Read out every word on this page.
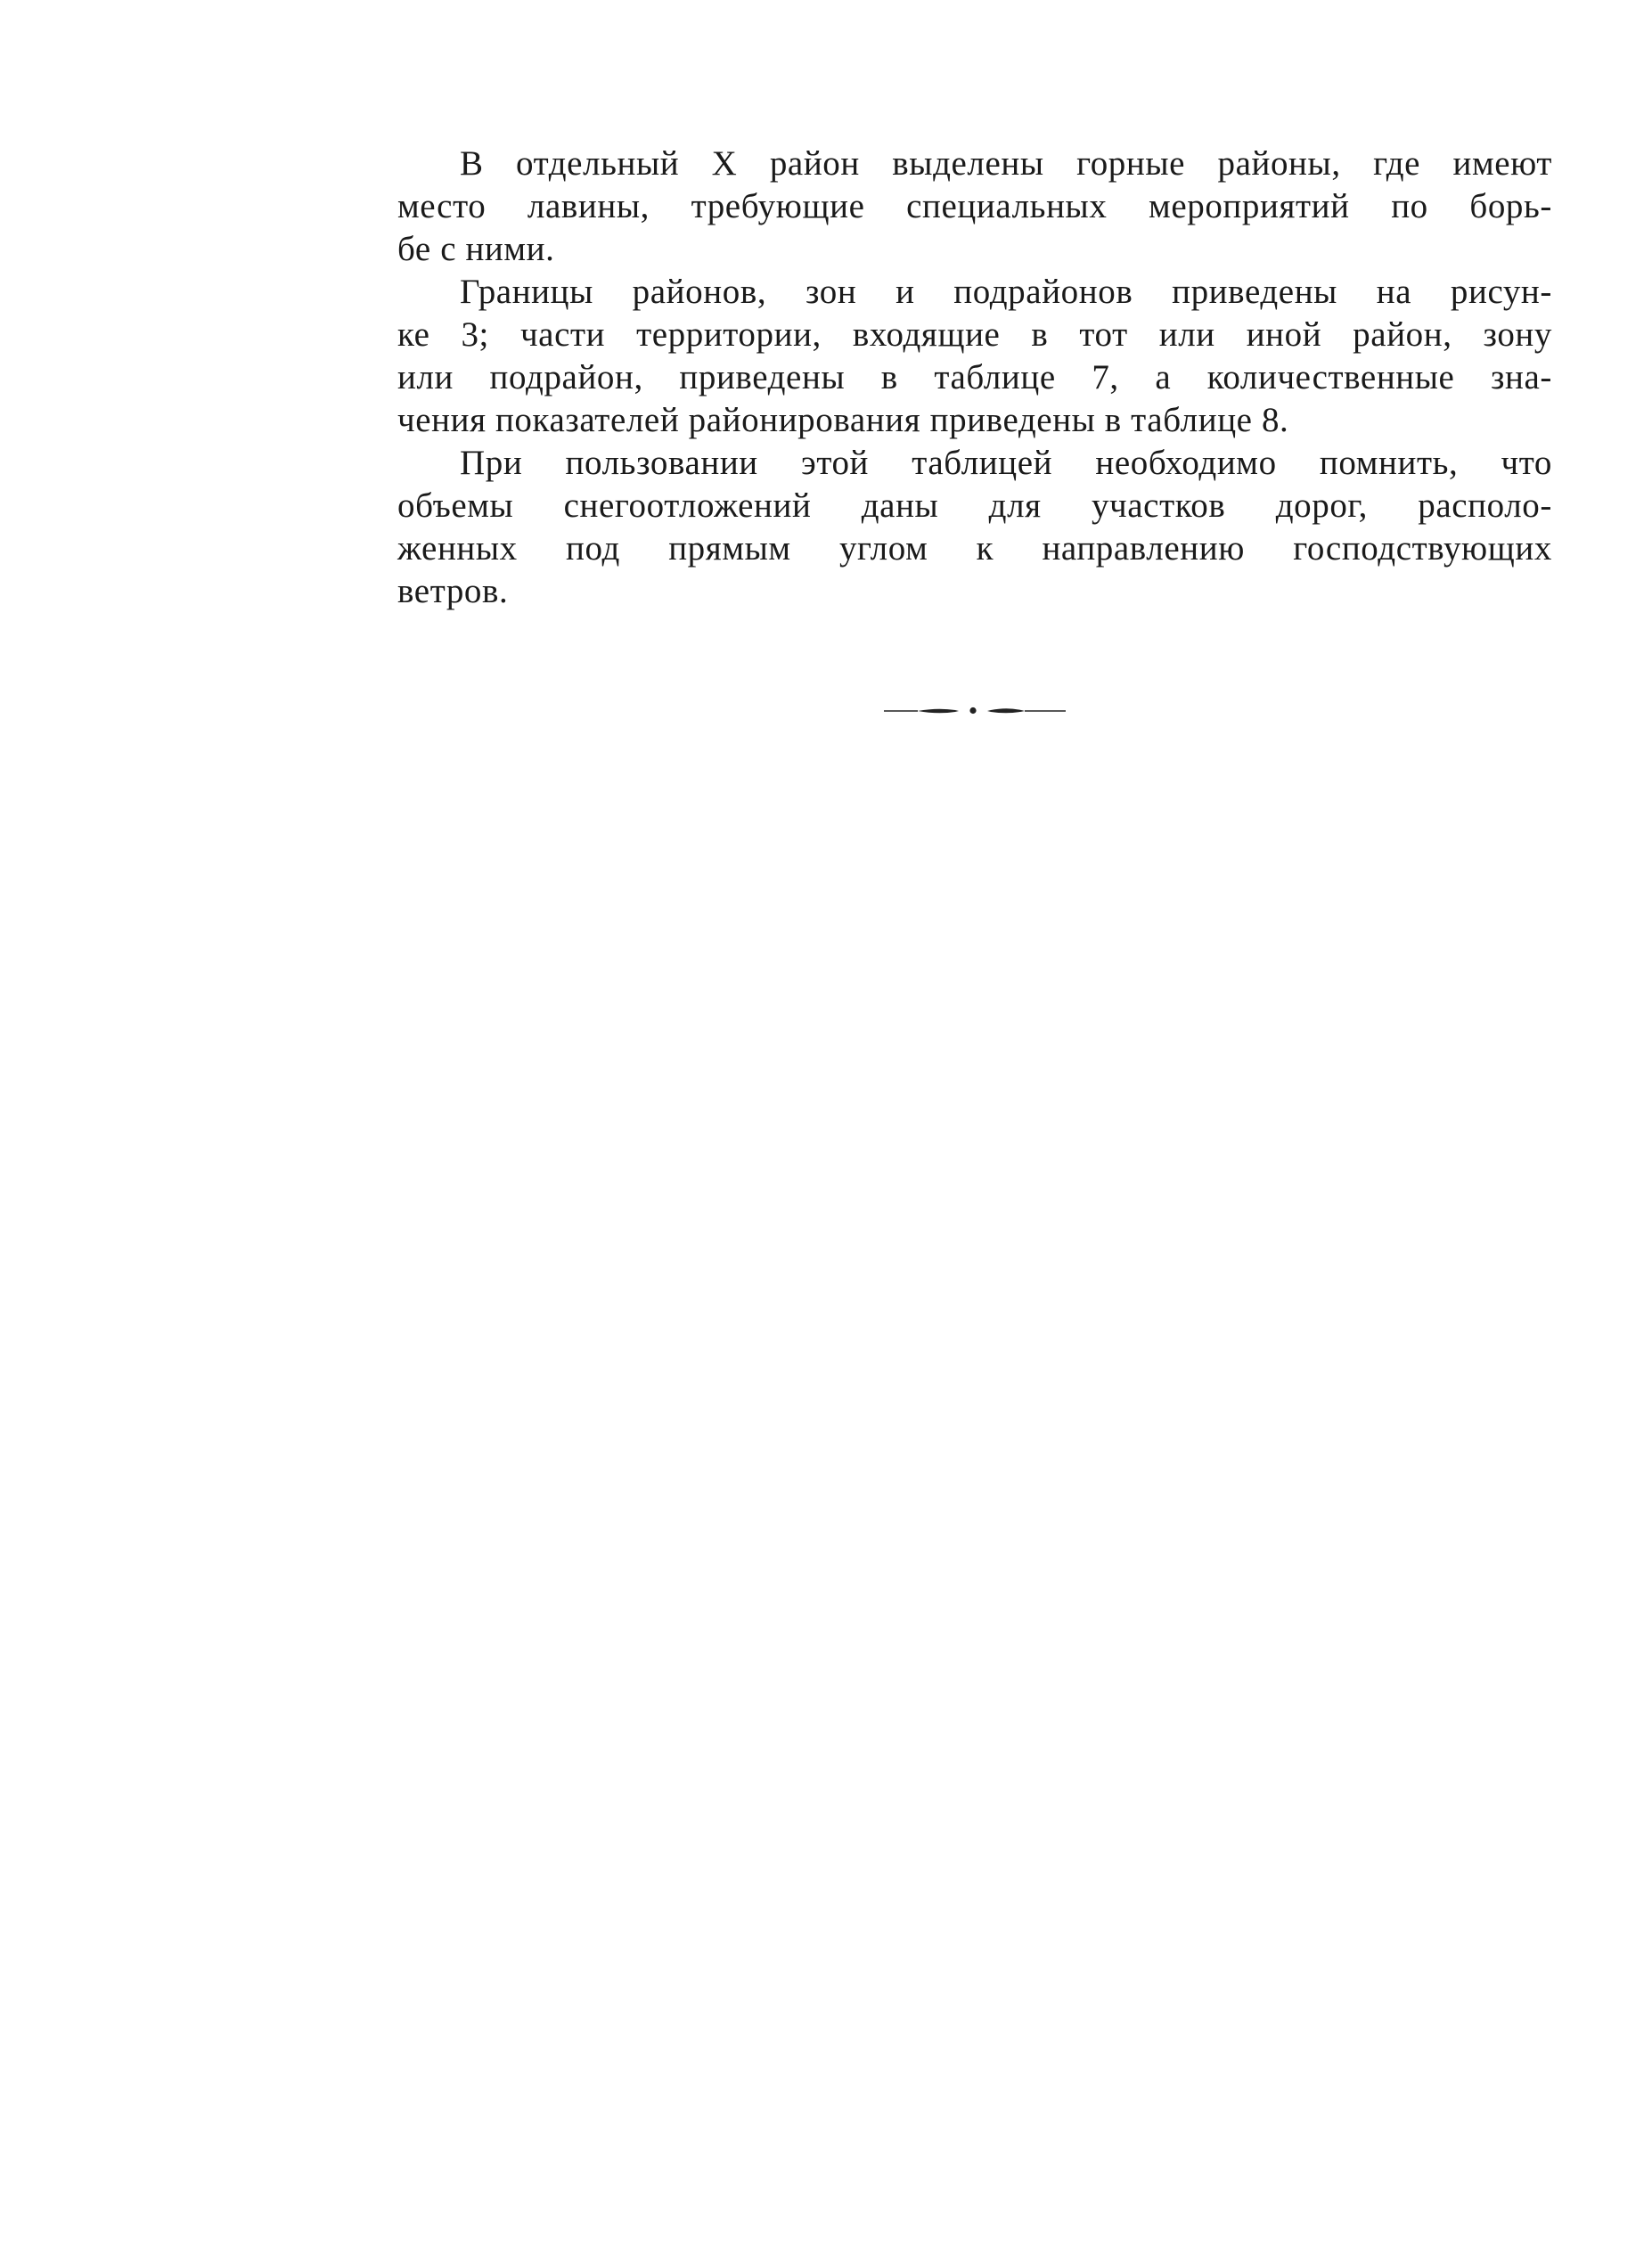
В отдельный X район выделены горные районы, где имеют
место лавины, требующие специальных мероприятий по борь-
бе с ними.
Границы районов, зон и подрайонов приведены на рисун-
ке 3; части территории, входящие в тот или иной район, зону
или подрайон, приведены в таблице 7, а количественные зна-
чения показателей районирования приведены в таблице 8.
При пользовании этой таблицей необходимо помнить, что
объемы снегоотложений даны для участков дорог, располо-
женных под прямым углом к направлению господствующих
ветров.
